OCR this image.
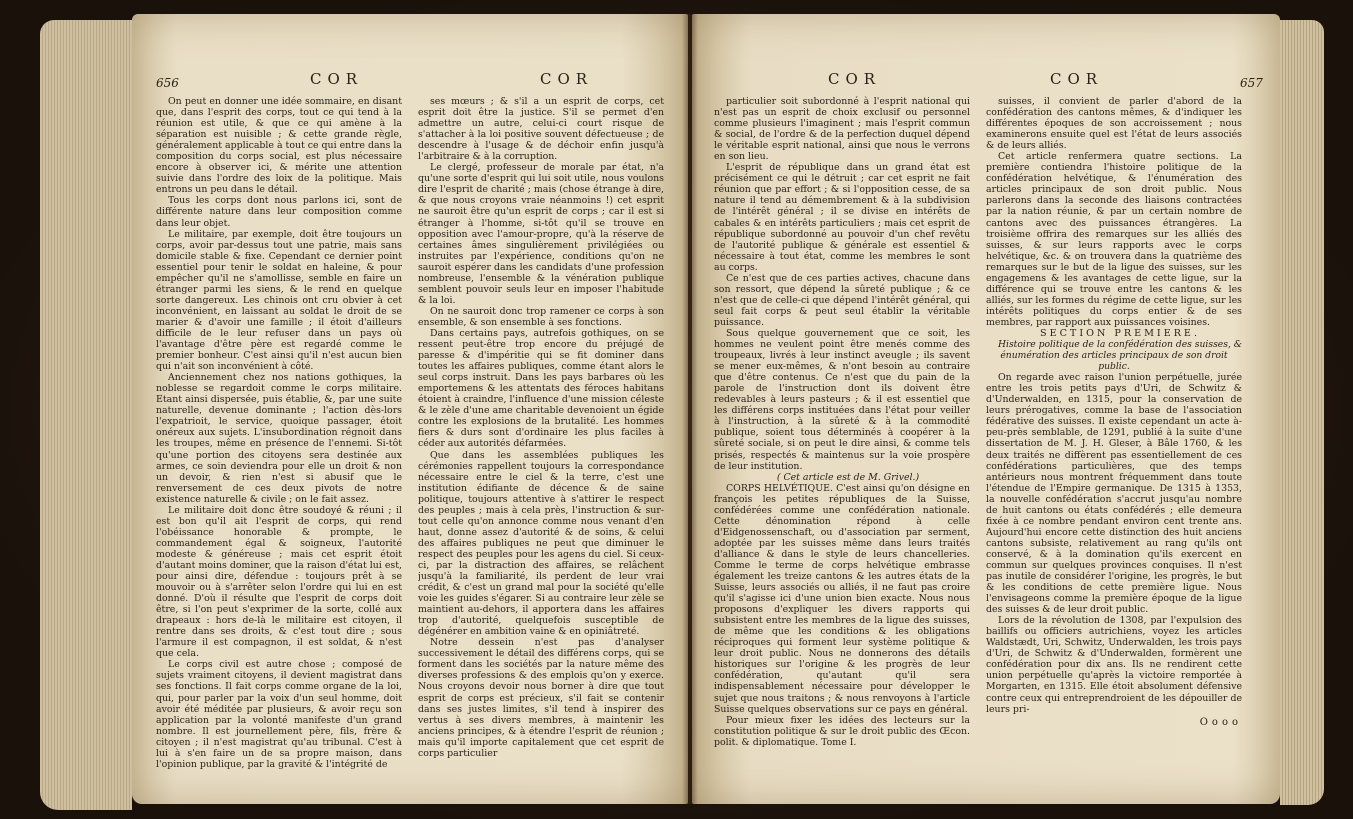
656	COR	COR

On peut en donner une idée sommaire, en disant que, dans l'esprit des corps, tout ce qui tend à la réunion est utile, & que ce qui amène à la séparation est nuisible ; & cette grande règle, généralement applicable à tout ce qui entre dans la composition du corps social, est plus nécessaire encore à observer ici, & mérite une attention suivie dans l'ordre des loix de la politique. Mais entrons un peu dans le détail.

Tous les corps dont nous parlons ici, sont de différente nature dans leur composition comme dans leur objet.

Le militaire, par exemple, doit être toujours un corps, avoir par-dessus tout une patrie, mais sans domicile stable & fixe. Cependant ce dernier point essentiel pour tenir le soldat en haleine, & pour empêcher qu'il ne s'amollisse, semble en faire un étranger parmi les siens, & le rend en quelque sorte dangereux. Les chinois ont cru obvier à cet inconvénient, en laissant au soldat le droit de se marier & d'avoir une famille ; il étoit d'ailleurs difficile de le leur refuser dans un pays où l'avantage d'être père est regardé comme le premier bonheur. C'est ainsi qu'il n'est aucun bien qui n'ait son inconvénient à côté.

Anciennement chez nos nations gothiques, la noblesse se regardoit comme le corps militaire. Etant ainsi dispersée, puis établie, &, par une suite naturelle, devenue dominante ; l'action dès-lors l'expatrioit, le service, quoique passager, étoit onéreux aux sujets. L'insubordination régnoit dans les troupes, même en présence de l'ennemi. Si-tôt qu'une portion des citoyens sera destinée aux armes, ce soin deviendra pour elle un droit & non un devoir, & rien n'est si abusif que le renversement de ces deux pivots de notre existence naturelle & civile ; on le fait assez.

Le militaire doit donc être soudoyé & réuni ; il est bon qu'il ait l'esprit de corps, qui rend l'obéissance honorable & prompte, le commandement égal & soigneux, l'autorité modeste & généreuse ; mais cet esprit étoit d'autant moins dominer, que la raison d'état lui est, pour ainsi dire, défendue : toujours prêt à se mouvoir ou à s'arrêter selon l'ordre qui lui en est donné. D'où il résulte que l'esprit de corps doit être, si l'on peut s'exprimer de la sorte, collé aux drapeaux : hors de-là le militaire est citoyen, il rentre dans ses droits, & c'est tout dire ; sous l'armure il est compagnon, il est soldat, & n'est que cela.

Le corps civil est autre chose ; composé de sujets vraiment citoyens, il devient magistrat dans ses fonctions. Il fait corps comme organe de la loi, qui, pour parler par la voix d'un seul homme, doit avoir été méditée par plusieurs, & avoir reçu son application par la volonté manifeste d'un grand nombre. Il est journellement père, fils, frère & citoyen ; il n'est magistrat qu'au tribunal. C'est à lui à s'en faire un de sa propre maison, dans l'opinion publique, par la gravité & l'intégrité de

ses mœurs ; & s'il a un esprit de corps, cet esprit doit être la justice. S'il se permet d'en admettre un autre, celui-ci court risque de s'attacher à la loi positive souvent défectueuse ; de descendre à l'usage & de déchoir enfin jusqu'à l'arbitraire & à la corruption.

Le clergé, professeur de morale par état, n'a qu'une sorte d'esprit qui lui soit utile, nous voulons dire l'esprit de charité ; mais (chose étrange à dire, & que nous croyons vraie néanmoins !) cet esprit ne sauroit être qu'un esprit de corps ; car il est si étranger à l'homme, si-tôt qu'il se trouve en opposition avec l'amour-propre, qu'à la réserve de certaines âmes singulièrement privilégiées ou instruites par l'expérience, conditions qu'on ne sauroit espérer dans les candidats d'une profession nombreuse, l'ensemble & la vénération publique semblent pouvoir seuls leur en imposer l'habitude & la loi.

On ne sauroit donc trop ramener ce corps à son ensemble, & son ensemble à ses fonctions.

Dans certains pays, autrefois gothiques, on se ressent peut-être trop encore du préjugé de paresse & d'impéritie qui se fit dominer dans toutes les affaires publiques, comme étant alors le seul corps instruit. Dans les pays barbares où les emportemens & les attentats des féroces habitans étoient à craindre, l'influence d'une mission céleste & le zèle d'une ame charitable devenoient un égide contre les explosions de la brutalité. Les hommes fiers & durs sont d'ordinaire les plus faciles à céder aux autorités défarmées.

Que dans les assemblées publiques les cérémonies rappellent toujours la correspondance nécessaire entre le ciel & la terre, c'est une institution édifiante de décence & de saine politique, toujours attentive à s'attirer le respect des peuples ; mais à cela près, l'instruction & sur-tout celle qu'on annonce comme nous venant d'en haut, donne assez d'autorité & de soins, & celui des affaires publiques ne peut que diminuer le respect des peuples pour les agens du ciel. Si ceux-ci, par la distraction des affaires, se relâchent jusqu'à la familiarité, ils perdent de leur vrai crédit, & c'est un grand mal pour la société qu'elle voie les guides s'égarer. Si au contraire leur zèle se maintient au-dehors, il apportera dans les affaires trop d'autorité, quelquefois susceptible de dégénérer en ambition vaine & en opiniâtreté.

Notre dessein n'est pas d'analyser successivement le détail des différens corps, qui se forment dans les sociétés par la nature même des diverses professions & des emplois qu'on y exerce. Nous croyons devoir nous borner à dire que tout esprit de corps est précieux, s'il fait se contenir dans ses justes limites, s'il tend à inspirer des vertus à ses divers membres, à maintenir les anciens principes, & à étendre l'esprit de réunion ; mais qu'il importe capitalement que cet esprit de corps particulier

COR	COR	657

particulier soit subordonné à l'esprit national qui n'est pas un esprit de choix exclusif ou personnel comme plusieurs l'imaginent ; mais l'esprit commun & social, de l'ordre & de la perfection duquel dépend le véritable esprit national, ainsi que nous le verrons en son lieu.

L'esprit de république dans un grand état est précisément ce qui le détruit ; car cet esprit ne fait réunion que par effort ; & si l'opposition cesse, de sa nature il tend au démembrement & à la subdivision de l'intérêt général ; il se divise en intérêts de cabales & en intérêts particuliers ; mais cet esprit de république subordonné au pouvoir d'un chef revêtu de l'autorité publique & générale est essentiel & nécessaire à tout état, comme les membres le sont au corps.

Ce n'est que de ces parties actives, chacune dans son ressort, que dépend la sûreté publique ; & ce n'est que de celle-ci que dépend l'intérêt général, qui seul fait corps & peut seul établir la véritable puissance.

Sous quelque gouvernement que ce soit, les hommes ne veulent point être menés comme des troupeaux, livrés à leur instinct aveugle ; ils savent se mener eux-mêmes, & n'ont besoin au contraire que d'être contenus. Ce n'est que du pain de la parole de l'instruction dont ils doivent être redevables à leurs pasteurs ; & il est essentiel que les différens corps instituées dans l'état pour veiller à l'instruction, à la sûreté & à la commodité publique, soient tous déterminés à coopérer à la sûreté sociale, si on peut le dire ainsi, & comme tels prisés, respectés & maintenus sur la voie prospère de leur institution.

( Cet article est de M. Grivel.)

CORPS HELVÉTIQUE. C'est ainsi qu'on désigne en françois les petites républiques de la Suisse, confédérées comme une confédération nationale. Cette dénomination répond à celle d'Eidgenossenschaft, ou d'association par serment, adoptée par les suisses même dans leurs traités d'alliance & dans le style de leurs chancelleries. Comme le terme de corps helvétique embrasse également les treize cantons & les autres états de la Suisse, leurs associés ou alliés, il ne faut pas croire qu'il s'agisse ici d'une union bien exacte. Nous nous proposons d'expliquer les divers rapports qui subsistent entre les membres de la ligue des suisses, de même que les conditions & les obligations réciproques qui forment leur système politique & leur droit public. Nous ne donnerons des détails historiques sur l'origine & les progrès de leur confédération, qu'autant qu'il sera indispensablement nécessaire pour développer le sujet que nous traitons ; & nous renvoyons à l'article Suisse quelques observations sur ce pays en général.

Pour mieux fixer les idées des lecteurs sur la constitution politique & sur le droit public des Œcon. polit. & diplomatique. Tome I.

suisses, il convient de parler d'abord de la confédération des cantons mêmes, & d'indiquer les différentes époques de son accroissement ; nous examinerons ensuite quel est l'état de leurs associés & de leurs alliés.

Cet article renfermera quatre sections. La première contiendra l'histoire politique de la confédération helvétique, & l'énumération des articles principaux de son droit public. Nous parlerons dans la seconde des liaisons contractées par la nation réunie, & par un certain nombre de cantons avec des puissances étrangères. La troisième offrira des remarques sur les alliés des suisses, & sur leurs rapports avec le corps helvétique, &c. & on trouvera dans la quatrième des remarques sur le but de la ligue des suisses, sur les engagemens & les avantages de cette ligue, sur la différence qui se trouve entre les cantons & les alliés, sur les formes du régime de cette ligue, sur les intérêts politiques du corps entier & de ses membres, par rapport aux puissances voisines.

SECTION PREMIERE.

Histoire politique de la confédération des suisses, & énumération des articles principaux de son droit public.

On regarde avec raison l'union perpétuelle, jurée entre les trois petits pays d'Uri, de Schwitz & d'Underwalden, en 1315, pour la conservation de leurs prérogatives, comme la base de l'association fédérative des suisses. Il existe cependant un acte à-peu-près semblable, de 1291, publié à la suite d'une dissertation de M. J. H. Gleser, à Bâle 1760, & les deux traités ne diffèrent pas essentiellement de ces confédérations particulières, que des temps antérieurs nous montrent fréquemment dans toute l'étendue de l'Empire germanique. De 1315 à 1353, la nouvelle confédération s'accrut jusqu'au nombre de huit cantons ou états confédérés ; elle demeura fixée à ce nombre pendant environ cent trente ans. Aujourd'hui encore cette distinction des huit anciens cantons subsiste, relativement au rang qu'ils ont conservé, & à la domination qu'ils exercent en commun sur quelques provinces conquises. Il n'est pas inutile de considérer l'origine, les progrès, le but & les conditions de cette première ligue. Nous l'envisageons comme la première époque de la ligue des suisses & de leur droit public.

Lors de la révolution de 1308, par l'expulsion des baillifs ou officiers autrichiens, voyez les articles Waldstædt, Uri, Schwitz, Underwalden, les trois pays d'Uri, de Schwitz & d'Underwalden, formèrent une confédération pour dix ans. Ils ne rendirent cette union perpétuelle qu'après la victoire remportée à Morgarten, en 1315. Elle étoit absolument défensive contre ceux qui entreprendroient de les dépouiller de leurs pri-

Oooo
